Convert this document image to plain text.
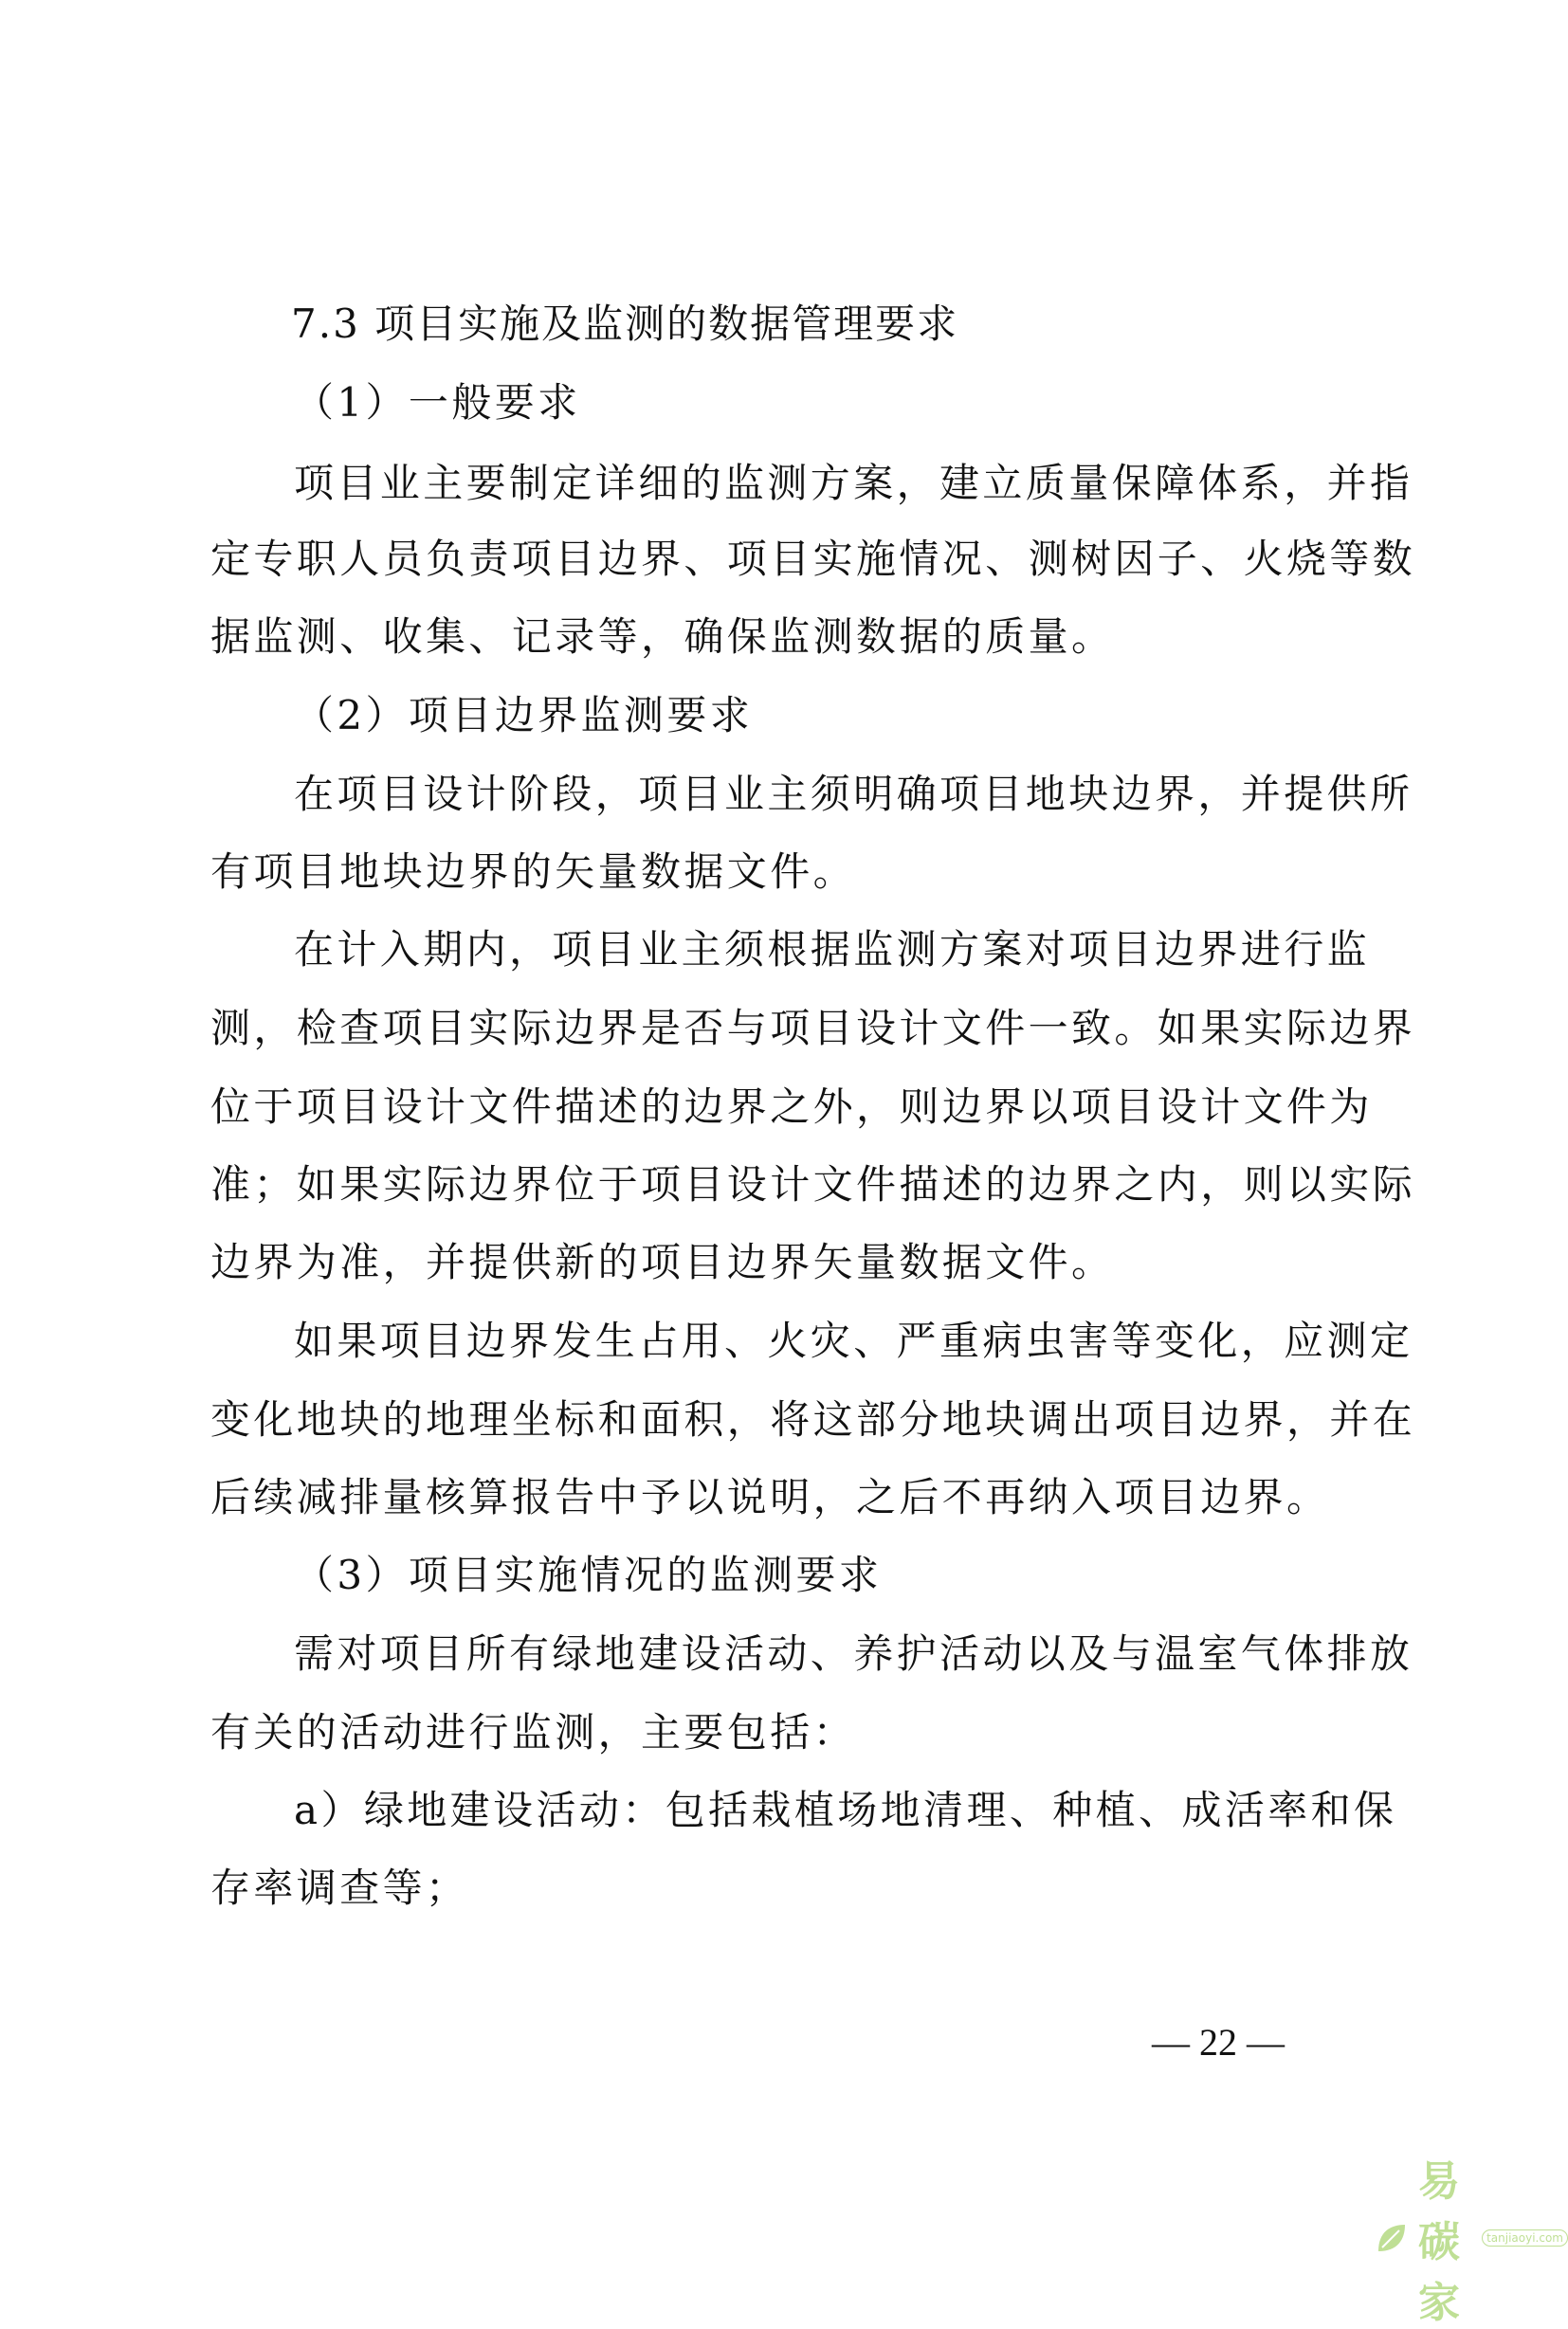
7.3 项目实施及监测的数据管理要求

（1）一般要求

项目业主要制定详细的监测方案，建立质量保障体系，并指

定专职人员负责项目边界、项目实施情况、测树因子、火烧等数

据监测、收集、记录等，确保监测数据的质量。

（2）项目边界监测要求

在项目设计阶段，项目业主须明确项目地块边界，并提供所

有项目地块边界的矢量数据文件。

在计入期内，项目业主须根据监测方案对项目边界进行监

测，检查项目实际边界是否与项目设计文件一致。如果实际边界

位于项目设计文件描述的边界之外，则边界以项目设计文件为

准；如果实际边界位于项目设计文件描述的边界之内，则以实际

边界为准，并提供新的项目边界矢量数据文件。

如果项目边界发生占用、火灾、严重病虫害等变化，应测定

变化地块的地理坐标和面积，将这部分地块调出项目边界，并在

后续减排量核算报告中予以说明，之后不再纳入项目边界。

（3）项目实施情况的监测要求

需对项目所有绿地建设活动、养护活动以及与温室气体排放

有关的活动进行监测，主要包括：

a）绿地建设活动：包括栽植场地清理、种植、成活率和保

存率调查等；

— 22 —
易碳家
tanjiaoyi.com
